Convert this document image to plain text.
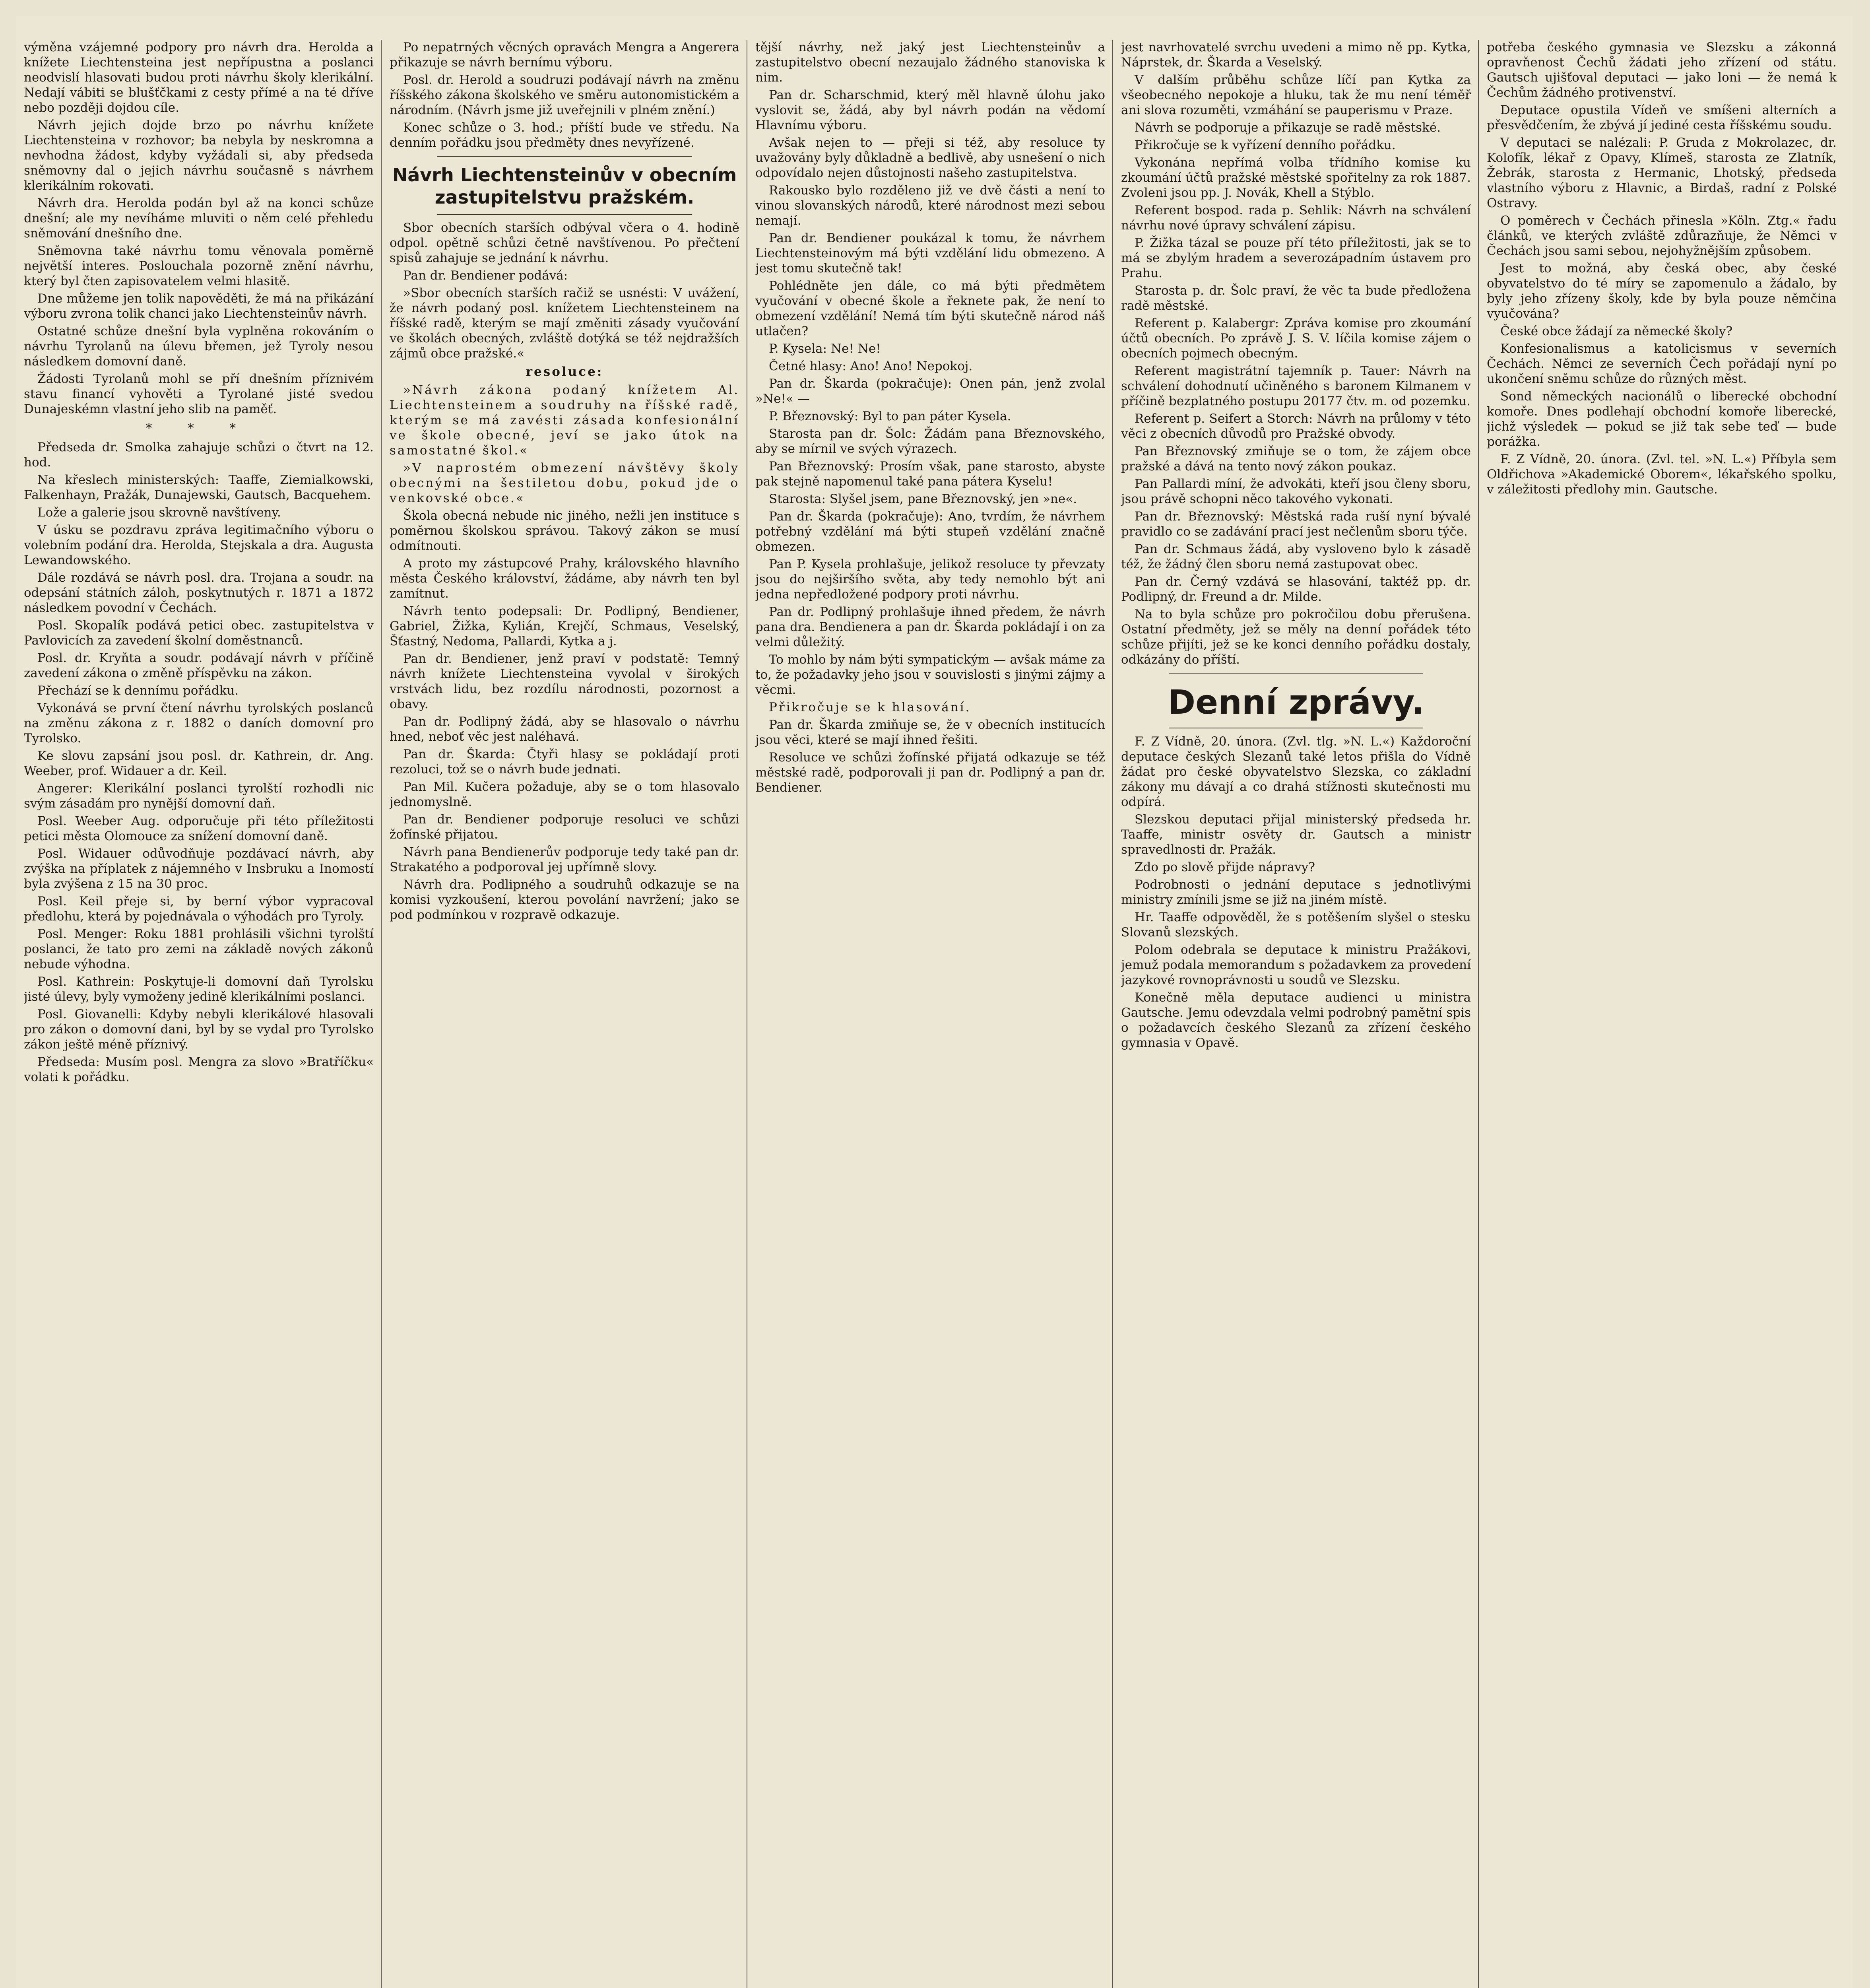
výměna vzájemné podpory pro návrh dra. Herolda a knížete Liechtensteina jest nepřípustna a poslanci neodvislí hlasovati budou proti návrhu školy klerikální. Nedají vábiti se blušťčkami z cesty přímé a na té dříve nebo později dojdou cíle.

Návrh jejich dojde brzo po návrhu knížete Liechtensteina v rozhovor; ba nebyla by neskromna a nevhodna žádost, kdyby vyžádali si, aby předseda sněmovny dal o jejich návrhu současně s návrhem klerikálním rokovati.

Návrh dra. Herolda podán byl až na konci schůze dnešní; ale my nevíháme mluviti o něm celé přehledu sněmování dnešního dne.

Sněmovna také návrhu tomu věnovala poměrně největší interes. Poslouchala pozorně znění návrhu, který byl čten zapisovatelem velmi hlasitě.

Dne můžeme jen tolik napověděti, že má na přikázání výboru zvrona tolik chanci jako Liechtensteinův návrh.

Ostatné schůze dnešní byla vyplněna rokováním o návrhu Tyrolanů na úlevu břemen, jež Tyroly nesou následkem domovní daně.

Žádosti Tyrolanů mohl se pří dnešním příznivém stavu financí vyhověti a Tyrolané jisté svedou Dunajeskémn vlastní jeho slib na paměť.

* * *

Předseda dr. Smolka zahajuje schůzi o čtvrt na 12. hod.

Na křeslech ministerských: Taaffe, Ziemialkowski, Falkenhayn, Pražák, Dunajewski, Gautsch, Bacquehem.

Lože a galerie jsou skrovně navštíveny.

V úsku se pozdravu zpráva legitimačního výboru o volebním podání dra. Herolda, Stejskala a dra. Augusta Lewandowského.

Dále rozdává se návrh posl. dra. Trojana a soudr. na odepsání státních záloh, poskytnutých r. 1871 a 1872 následkem povodní v Čechách.

Posl. Skopalík podává petici obec. zastupitelstva v Pavlovicích za zavedení školní doměstnanců.

Posl. dr. Kryňta a soudr. podávají návrh v příčině zavedení zákona o změně příspěvku na zákon.

Přechází se k dennímu pořádku.

Vykonává se první čtení návrhu tyrolských poslanců na změnu zákona z r. 1882 o daních domovní pro Tyrolsko.

Ke slovu zapsání jsou posl. dr. Kathrein, dr. Ang. Weeber, prof. Widauer a dr. Keil.

Angerer: Klerikální poslanci tyrolští rozhodli nic svým zásadám pro nynější domovní daň.

Posl. Weeber Aug. odporučuje při této příležitosti petici města Olomouce za snížení domovní daně.

Posl. Widauer odůvodňuje pozdávací návrh, aby zvýška na příplatek z nájemného v Insbruku a Inomostí byla zvýšena z 15 na 30 proc.

Posl. Keil přeje si, by berní výbor vypracoval předlohu, která by pojednávala o výhodách pro Tyroly.

Posl. Menger: Roku 1881 prohlásili všichni tyrolští poslanci, že tato pro zemi na základě nových zákonů nebude výhodna.

Posl. Kathrein: Poskytuje-li domovní daň Tyrolsku jisté úlevy, byly vymoženy jedině klerikálními poslanci.

Posl. Giovanelli: Kdyby nebyli klerikálové hlasovali pro zákon o domovní dani, byl by se vydal pro Tyrolsko zákon ještě méně příznivý.

Předseda: Musím posl. Mengra za slovo »Bratříčku« volati k pořádku.

Po nepatrných věcných opravách Mengra a Angerera přikazuje se návrh bernímu výboru.

Posl. dr. Herold a soudruzi podávají návrh na změnu říšského zákona školského ve směru autonomistickém a národním. (Návrh jsme již uveřejnili v plném znění.)

Konec schůze o 3. hod.; příští bude ve středu. Na denním pořádku jsou předměty dnes nevyřízené.

Návrh Liechtensteinův v obecním zastupitelstvu pražském.

Sbor obecních starších odbýval včera o 4. hodině odpol. opětně schůzi četně navštívenou. Po přečtení spisů zahajuje se jednání k návrhu.

Pan dr. Bendiener podává:

»Sbor obecních starších račiž se usnésti: V uvážení, že návrh podaný posl. knížetem Liechtensteinem na říšské radě, kterým se mají změniti zásady vyučování ve školách obecných, zvláště dotýká se též nejdražších zájmů obce pražské.«

resoluce:

»Návrh zákona podaný knížetem Al. Liechtensteinem a soudruhy na říšské radě, kterým se má zavésti zásada konfesionální ve škole obecné, jeví se jako útok na samostatné škol.«

»V naprostém obmezení návštěvy školy obecnými na šestiletou dobu, pokud jde o venkovské obce.«

Škola obecná nebude nic jiného, nežli jen instituce s poměrnou školskou správou. Takový zákon se musí odmítnouti.

A proto my zástupcové Prahy, královského hlavního města Českého království, žádáme, aby návrh ten byl zamítnut.

Návrh tento podepsali: Dr. Podlipný, Bendiener, Gabriel, Žižka, Kylián, Krejčí, Schmaus, Veselský, Šťastný, Nedoma, Pallardi, Kytka a j.

Pan dr. Bendiener, jenž praví v podstatě: Temný návrh knížete Liechtensteina vyvolal v širokých vrstvách lidu, bez rozdílu národnosti, pozornost a obavy.

Pan dr. Podlipný žádá, aby se hlasovalo o návrhu hned, neboť věc jest naléhavá.

Pan dr. Škarda: Čtyři hlasy se pokládají proti rezoluci, tož se o návrh bude jednati.

Pan Mil. Kučera požaduje, aby se o tom hlasovalo jednomyslně.

Pan dr. Bendiener podporuje resoluci ve schůzi žofínské přijatou.

Návrh pana Bendienerův podporuje tedy také pan dr. Strakatého a podporoval jej upřímně slovy.

Návrh dra. Podlipného a soudruhů odkazuje se na komisi vyzkoušení, kterou povolání navržení; jako se pod podmínkou v rozpravě odkazuje.

tější návrhy, než jaký jest Liechtensteinův a zastupitelstvo obecní nezaujalo žádného stanoviska k nim.

Pan dr. Scharschmid, který měl hlavně úlohu jako vyslovit se, žádá, aby byl návrh podán na vědomí Hlavnímu výboru.

Avšak nejen to — přeji si též, aby resoluce ty uvažovány byly důkladně a bedlivě, aby usnešení o nich odpovídalo nejen důstojnosti našeho zastupitelstva.

Rakousko bylo rozděleno již ve dvě části a není to vinou slovanských národů, které národnost mezi sebou nemají.

Pan dr. Bendiener poukázal k tomu, že návrhem Liechtensteinovým má býti vzdělání lidu obmezeno. A jest tomu skutečně tak!

Pohlédněte jen dále, co má býti předmětem vyučování v obecné škole a řeknete pak, že není to obmezení vzdělání! Nemá tím býti skutečně národ náš utlačen?

P. Kysela: Ne! Ne!

Četné hlasy: Ano! Ano! Nepokoj.

Pan dr. Škarda (pokračuje): Onen pán, jenž zvolal »Ne!« —

P. Březnovský: Byl to pan páter Kysela.

Starosta pan dr. Šolc: Žádám pana Březnovského, aby se mírnil ve svých výrazech.

Pan Březnovský: Prosím však, pane starosto, abyste pak stejně napomenul také pana pátera Kyselu!

Starosta: Slyšel jsem, pane Březnovský, jen »ne«.

Pan dr. Škarda (pokračuje): Ano, tvrdím, že návrhem potřebný vzdělání má býti stupeň vzdělání značně obmezen.

Pan P. Kysela prohlašuje, jelikož resoluce ty převzaty jsou do nejširšího světa, aby tedy nemohlo být ani jedna nepředložené podpory proti návrhu.

Pan dr. Podlipný prohlašuje ihned předem, že návrh pana dra. Bendienera a pan dr. Škarda pokládají i on za velmi důležitý.

To mohlo by nám býti sympatickým — avšak máme za to, že požadavky jeho jsou v souvislosti s jinými zájmy a věcmi.

Přikročuje se k hlasování.

Pan dr. Škarda zmiňuje se, že v obecních institucích jsou věci, které se mají ihned řešiti.

Resoluce ve schůzi žofínské přijatá odkazuje se též městské radě, podporovali ji pan dr. Podlipný a pan dr. Bendiener.

jest navrhovatelé svrchu uvedeni a mimo ně pp. Kytka, Náprstek, dr. Škarda a Veselský.

V dalším průběhu schůze líčí pan Kytka za všeobecného nepokoje a hluku, tak že mu není téměř ani slova rozuměti, vzmáhání se pauperismu v Praze.

Návrh se podporuje a přikazuje se radě městské.

Přikročuje se k vyřízení denního pořádku.

Vykonána nepřímá volba třídního komise ku zkoumání účtů pražské městské spořitelny za rok 1887. Zvoleni jsou pp. J. Novák, Khell a Stýblo.

Referent bospod. rada p. Sehlik: Návrh na schválení návrhu nové úpravy schválení zápisu.

P. Žižka tázal se pouze pří této příležitosti, jak se to má se zbylým hradem a severozápadním ústavem pro Prahu.

Starosta p. dr. Šolc praví, že věc ta bude předložena radě městské.

Referent p. Kalabergr: Zpráva komise pro zkoumání účtů obecních. Po zprávě J. S. V. líčila komise zájem o obecních pojmech obecným.

Referent magistrátní tajemník p. Tauer: Návrh na schválení dohodnutí učiněného s baronem Kilmanem v příčině bezplatného postupu 20177 čtv. m. od pozemku.

Referent p. Seifert a Storch: Návrh na průlomy v této věci z obecních důvodů pro Pražské obvody.

Pan Březnovský zmiňuje se o tom, že zájem obce pražské a dává na tento nový zákon poukaz.

Pan Pallardi míní, že advokáti, kteří jsou členy sboru, jsou právě schopni něco takového vykonati.

Pan dr. Březnovský: Městská rada ruší nyní bývalé pravidlo co se zadávání prací jest nečlenům sboru týče.

Pan dr. Schmaus žádá, aby vysloveno bylo k zásadě též, že žádný člen sboru nemá zastupovat obec.

Pan dr. Černý vzdává se hlasování, taktéž pp. dr. Podlipný, dr. Freund a dr. Milde.

Na to byla schůze pro pokročilou dobu přerušena. Ostatní předměty, jež se měly na denní pořádek této schůze přijíti, jež se ke konci denního pořádku dostaly, odkázány do příští.

Denní zprávy.

F. Z Vídně, 20. února. (Zvl. tlg. »N. L.«) Každoroční deputace českých Slezanů také letos přišla do Vídně žádat pro české obyvatelstvo Slezska, co základní zákony mu dávají a co drahá stížnosti skutečnosti mu odpírá.

Slezskou deputaci přijal ministerský předseda hr. Taaffe, ministr osvěty dr. Gautsch a ministr spravedlnosti dr. Pražák.

Zdo po slově přijde nápravy?

Podrobnosti o jednání deputace s jednotlivými ministry zmínili jsme se již na jiném místě.

Hr. Taaffe odpověděl, že s potěšením slyšel o stesku Slovanů slezských.

Polom odebrala se deputace k ministru Pražákovi, jemuž podala memorandum s požadavkem za provedení jazykové rovnoprávnosti u soudů ve Slezsku.

Konečně měla deputace audienci u ministra Gautsche. Jemu odevzdala velmi podrobný pamětní spis o požadavcích českého Slezanů za zřízení českého gymnasia v Opavě.

potřeba českého gymnasia ve Slezsku a zákonná opravňenost Čechů žádati jeho zřízení od státu. Gautsch ujišťoval deputaci — jako loni — že nemá k Čechům žádného protivenství.

Deputace opustila Vídeň ve smíšeni alterních a přesvědčením, že zbývá jí jediné cesta říšskému soudu.

V deputaci se nalézali: P. Gruda z Mokrolazec, dr. Kolofík, lékař z Opavy, Klímeš, starosta ze Zlatník, Žebrák, starosta z Hermanic, Lhotský, předseda vlastního výboru z Hlavnic, a Birdaš, radní z Polské Ostravy.

O poměrech v Čechách přinesla »Köln. Ztg.« řadu článků, ve kterých zvláště zdůrazňuje, že Němci v Čechách jsou sami sebou, nejohyžnějším způsobem.

Jest to možná, aby česká obec, aby české obyvatelstvo do té míry se zapomenulo a žádalo, by byly jeho zřízeny školy, kde by byla pouze němčina vyučována?

České obce žádají za německé školy?

Konfesionalismus a katolicismus v severních Čechách. Němci ze severních Čech pořádají nyní po ukončení sněmu schůze do různých měst.

Sond německých nacionálů o liberecké obchodní komoře. Dnes podlehají obchodní komoře liberecké, jichž výsledek — pokud se již tak sebe teď — bude porážka.

F. Z Vídně, 20. února. (Zvl. tel. »N. L.«) Příbyla sem Oldřichova »Akademické Oborem«, lékařského spolku, v záležitosti předlohy min. Gautsche.
